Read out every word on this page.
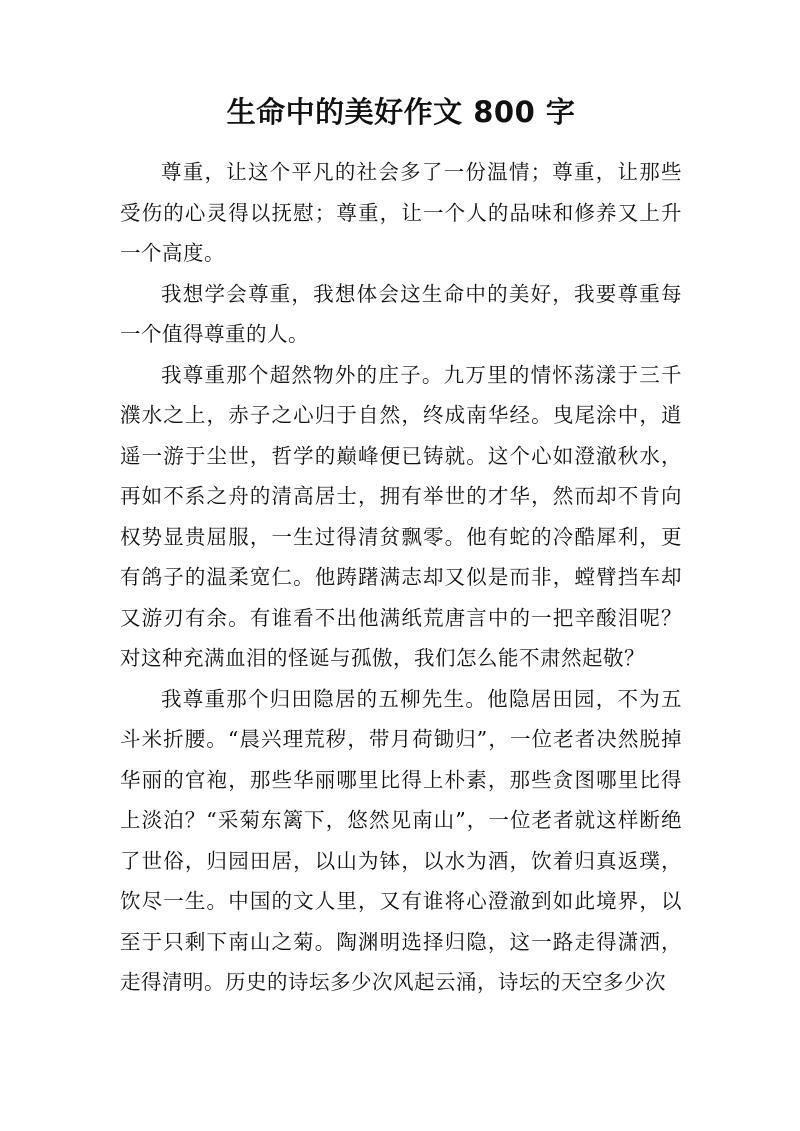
生命中的美好作文 800 字

尊重，让这个平凡的社会多了一份温情；尊重，让那些受伤的心灵得以抚慰；尊重，让一个人的品味和修养又上升一个高度。

我想学会尊重，我想体会这生命中的美好，我要尊重每一个值得尊重的人。

我尊重那个超然物外的庄子。九万里的情怀荡漾于三千濮水之上，赤子之心归于自然，终成南华经。曳尾涂中，逍遥一游于尘世，哲学的巅峰便已铸就。这个心如澄澈秋水，再如不系之舟的清高居士，拥有举世的才华，然而却不肯向权势显贵屈服，一生过得清贫飘零。他有蛇的冷酷犀利，更有鸽子的温柔宽仁。他踌躇满志却又似是而非，螳臂挡车却又游刃有余。有谁看不出他满纸荒唐言中的一把辛酸泪呢？对这种充满血泪的怪诞与孤傲，我们怎么能不肃然起敬？

我尊重那个归田隐居的五柳先生。他隐居田园，不为五斗米折腰。“晨兴理荒秽，带月荷锄归”，一位老者决然脱掉华丽的官袍，那些华丽哪里比得上朴素，那些贪图哪里比得上淡泊？“采菊东篱下，悠然见南山”，一位老者就这样断绝了世俗，归园田居，以山为钵，以水为酒，饮着归真返璞，饮尽一生。中国的文人里，又有谁将心澄澈到如此境界，以至于只剩下南山之菊。陶渊明选择归隐，这一路走得潇洒，走得清明。历史的诗坛多少次风起云涌，诗坛的天空多少次
